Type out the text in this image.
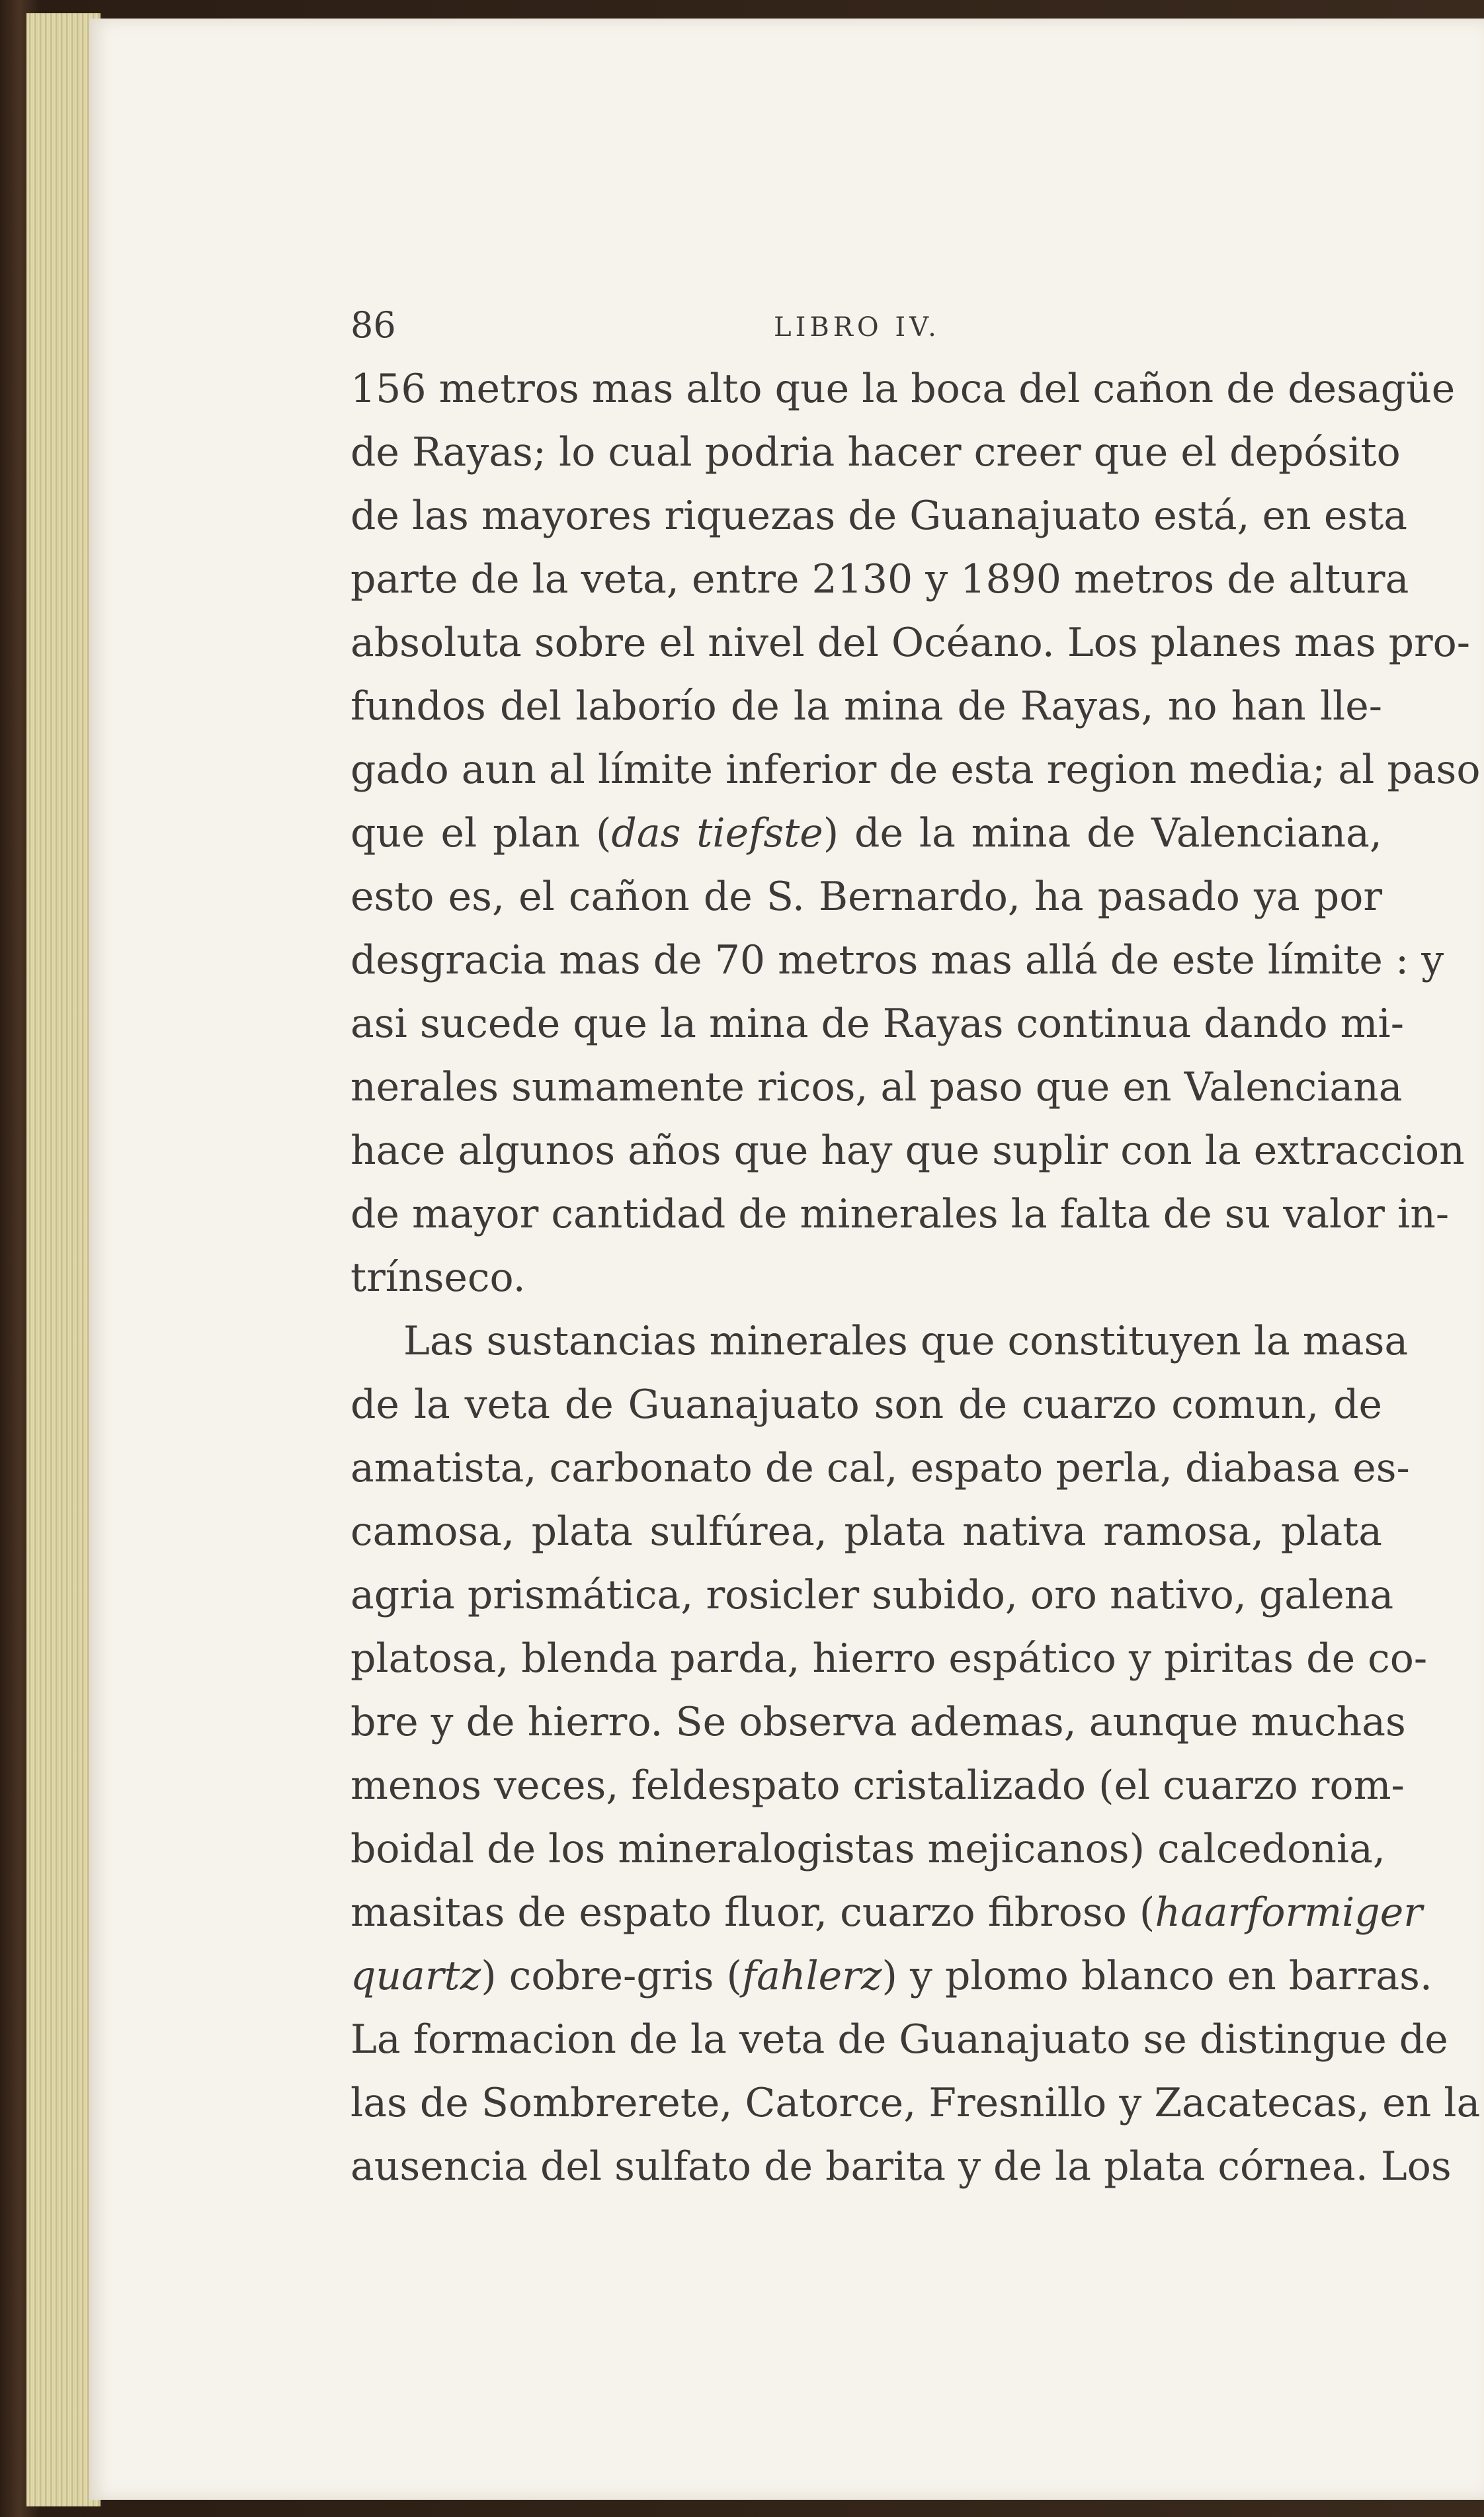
86	LIBRO IV.
156 metros mas alto que la boca del cañon de desagüe
de Rayas; lo cual podria hacer creer que el depósito
de las mayores riquezas de Guanajuato está, en esta
parte de la veta, entre 2130 y 1890 metros de altura
absoluta sobre el nivel del Océano. Los planes mas pro-
fundos del laborío de la mina de Rayas, no han lle-
gado aun al límite inferior de esta region media; al paso
que el plan (das tiefste) de la mina de Valenciana,
esto es, el cañon de S. Bernardo, ha pasado ya por
desgracia mas de 70 metros mas allá de este límite : y
asi sucede que la mina de Rayas continua dando mi-
nerales sumamente ricos, al paso que en Valenciana
hace algunos años que hay que suplir con la extraccion
de mayor cantidad de minerales la falta de su valor in-
trínseco.
Las sustancias minerales que constituyen la masa
de la veta de Guanajuato son de cuarzo comun, de
amatista, carbonato de cal, espato perla, diabasa es-
camosa, plata sulfúrea, plata nativa ramosa, plata
agria prismática, rosicler subido, oro nativo, galena
platosa, blenda parda, hierro espático y piritas de co-
bre y de hierro. Se observa ademas, aunque muchas
menos veces, feldespato cristalizado (el cuarzo rom-
boidal de los mineralogistas mejicanos) calcedonia,
masitas de espato fluor, cuarzo fibroso (haarformiger
quartz) cobre-gris (fahlerz) y plomo blanco en barras.
La formacion de la veta de Guanajuato se distingue de
las de Sombrerete, Catorce, Fresnillo y Zacatecas, en la
ausencia del sulfato de barita y de la plata córnea. Los
